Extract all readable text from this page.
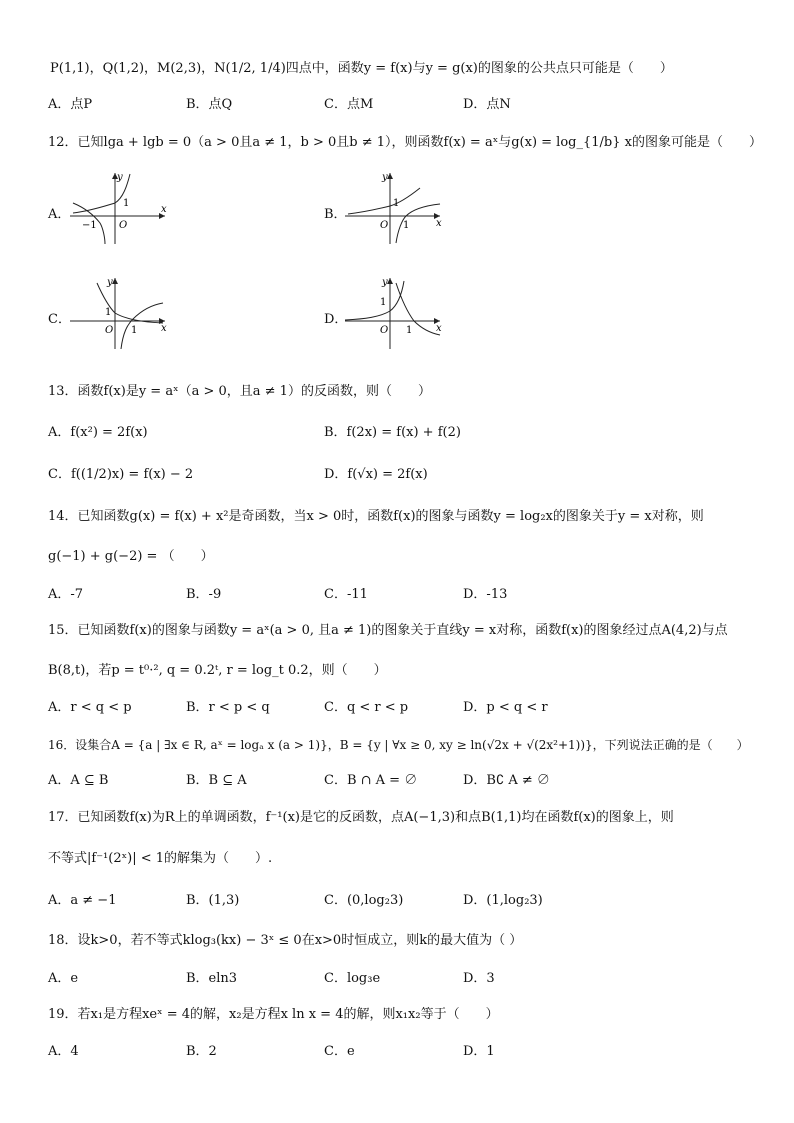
P(1,1)，Q(1,2)，M(2,3)，N(1/2, 1/4)四点中，函数y = f(x)与y = g(x)的图象的公共点只可能是（　　）
A．点P	B．点Q	C．点M	D．点N
12．已知lga + lgb = 0（a > 0且a ≠ 1，b > 0且b ≠ 1），则函数f(x) = aˣ与g(x) = log_{1/b} x的图象可能是（　　）
A．	B．
C．	D．
x
y
O
−1
1
x
y
O 1
1
x
y
O 1
1
x
y
O 1
1
13．函数f(x)是y = aˣ（a > 0，且a ≠ 1）的反函数，则（　　）
A．f(x²) = 2f(x)	B．f(2x) = f(x) + f(2)
C．f((1/2)x) = f(x) − 2	D．f(√x) = 2f(x)
14．已知函数g(x) = f(x) + x²是奇函数，当x > 0时，函数f(x)的图象与函数y = log₂x的图象关于y = x对称，则
g(−1) + g(−2) = （　　）
A．-7	B．-9	C．-11	D．-13
15．已知函数f(x)的图象与函数y = aˣ(a > 0, 且a ≠ 1)的图象关于直线y = x对称，函数f(x)的图象经过点A(4,2)与点
B(8,t)，若p = t⁰·², q = 0.2ᵗ, r = log_t 0.2，则（　　）
A．r < q < p	B．r < p < q	C．q < r < p	D．p < q < r
16．设集合A = {a | ∃x ∈ R, aˣ = logₐ x (a > 1)}，B = {y | ∀x ≥ 0, xy ≥ ln(√2x + √(2x²+1))}，下列说法正确的是（　　）
A．A ⊆ B	B．B ⊆ A	C．B ∩ A = ∅	D．B∁ A ≠ ∅
17．已知函数f(x)为R上的单调函数，f⁻¹(x)是它的反函数，点A(−1,3)和点B(1,1)均在函数f(x)的图象上，则
不等式|f⁻¹(2ˣ)| < 1的解集为（　　）.
A．a ≠ −1	B．(1,3)	C．(0,log₂3)	D．(1,log₂3)
18．设k>0，若不等式klog₃(kx) − 3ˣ ≤ 0在x>0时恒成立，则k的最大值为（ ）
A．e	B．eln3	C．log₃e	D．3
19．若x₁是方程xeˣ = 4的解，x₂是方程x ln x = 4的解，则x₁x₂等于（　　）
A．4	B．2	C．e	D．1
